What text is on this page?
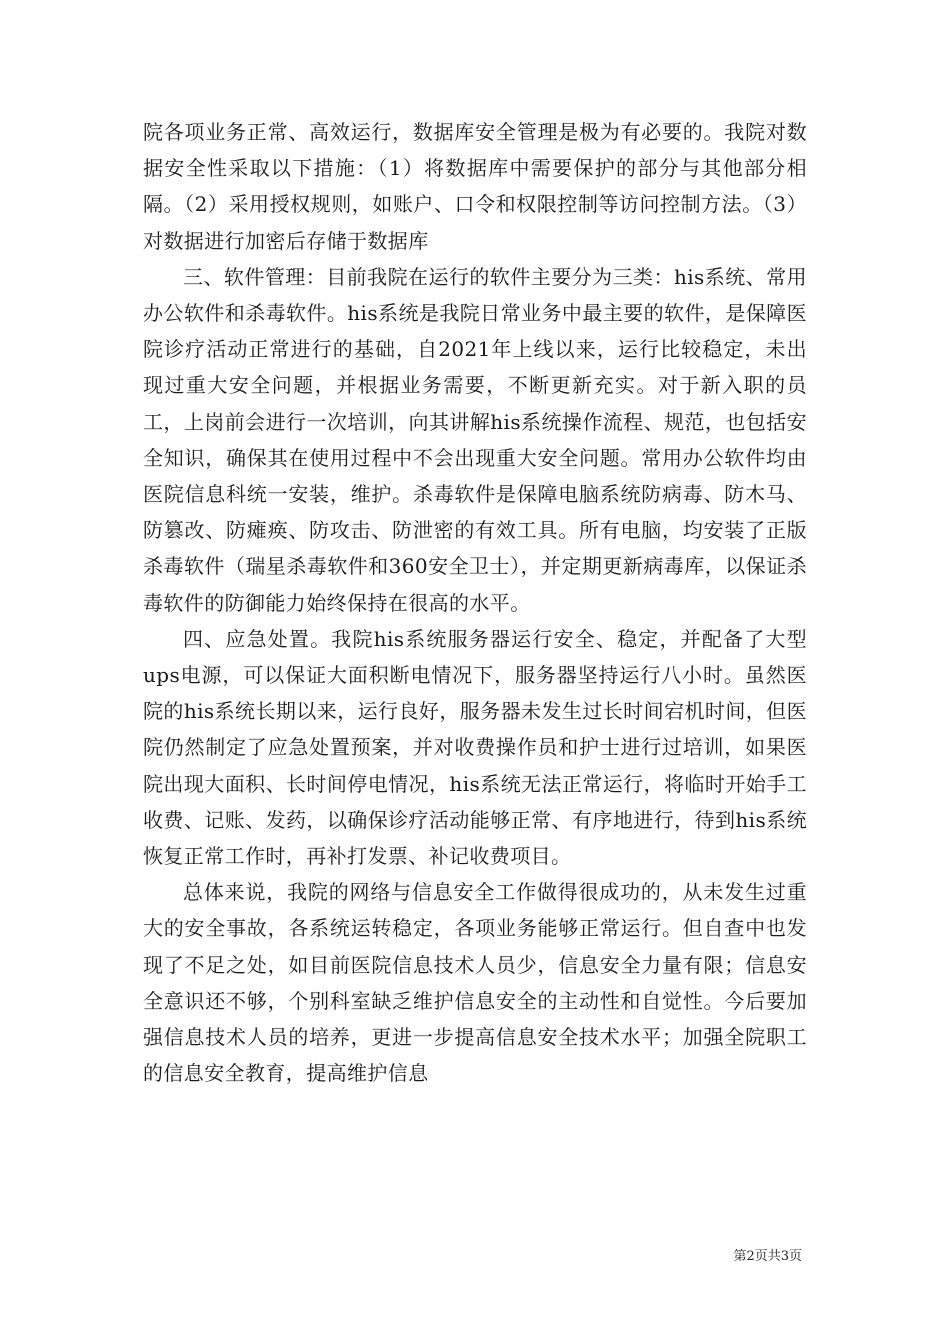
院各项业务正常、高效运行，数据库安全管理是极为有必要的。我院对数据安全性采取以下措施：（1）将数据库中需要保护的部分与其他部分相隔。（2）采用授权规则，如账户、口令和权限控制等访问控制方法。（3）对数据进行加密后存储于数据库

三、软件管理：目前我院在运行的软件主要分为三类：his系统、常用办公软件和杀毒软件。his系统是我院日常业务中最主要的软件，是保障医院诊疗活动正常进行的基础，自2021年上线以来，运行比较稳定，未出现过重大安全问题，并根据业务需要，不断更新充实。对于新入职的员工，上岗前会进行一次培训，向其讲解his系统操作流程、规范，也包括安全知识，确保其在使用过程中不会出现重大安全问题。常用办公软件均由医院信息科统一安装，维护。杀毒软件是保障电脑系统防病毒、防木马、防篡改、防瘫痪、防攻击、防泄密的有效工具。所有电脑，均安装了正版杀毒软件（瑞星杀毒软件和360安全卫士），并定期更新病毒库，以保证杀毒软件的防御能力始终保持在很高的水平。

四、应急处置。我院his系统服务器运行安全、稳定，并配备了大型ups电源，可以保证大面积断电情况下，服务器坚持运行八小时。虽然医院的his系统长期以来，运行良好，服务器未发生过长时间宕机时间，但医院仍然制定了应急处置预案，并对收费操作员和护士进行过培训，如果医院出现大面积、长时间停电情况，his系统无法正常运行，将临时开始手工收费、记账、发药，以确保诊疗活动能够正常、有序地进行，待到his系统恢复正常工作时，再补打发票、补记收费项目。

总体来说，我院的网络与信息安全工作做得很成功的，从未发生过重大的安全事故，各系统运转稳定，各项业务能够正常运行。但自查中也发现了不足之处，如目前医院信息技术人员少，信息安全力量有限；信息安全意识还不够，个别科室缺乏维护信息安全的主动性和自觉性。今后要加强信息技术人员的培养，更进一步提高信息安全技术水平；加强全院职工的信息安全教育，提高维护信息

第2页共3页
